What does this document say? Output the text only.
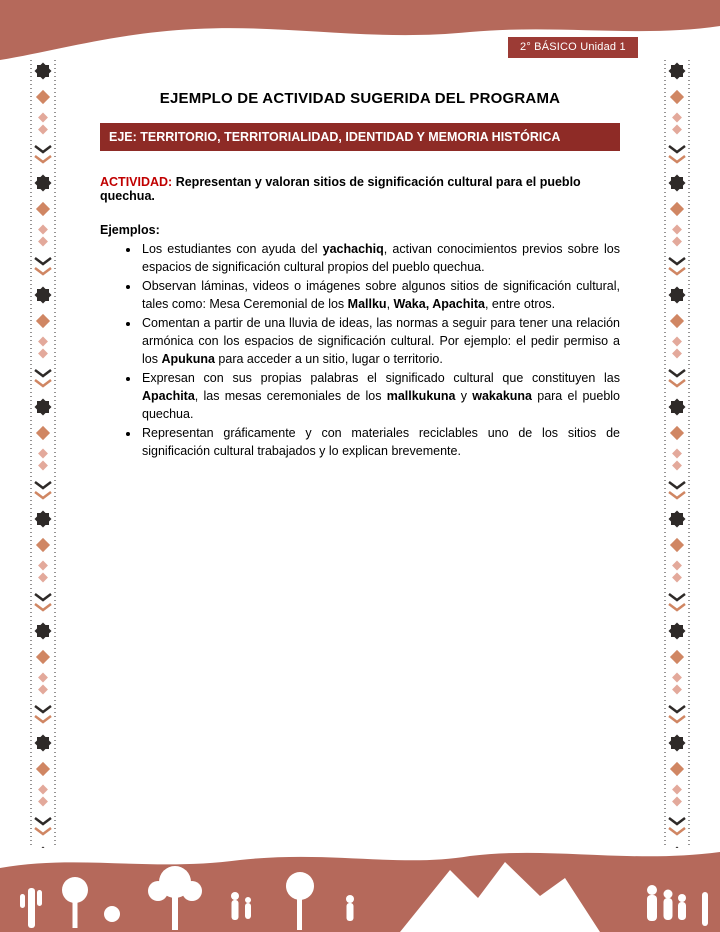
2° BÁSICO Unidad 1
EJEMPLO DE ACTIVIDAD SUGERIDA DEL PROGRAMA
EJE: TERRITORIO, TERRITORIALIDAD, IDENTIDAD Y MEMORIA HISTÓRICA

ACTIVIDAD: Representan y valoran sitios de significación cultural para el pueblo quechua.

Ejemplos:

• Los estudiantes con ayuda del yachachiq, activan conocimientos previos sobre los espacios de significación cultural propios del pueblo quechua.
• Observan láminas, videos o imágenes sobre algunos sitios de significación cultural, tales como: Mesa Ceremonial de los Mallku, Waka, Apachita, entre otros.
• Comentan a partir de una lluvia de ideas, las normas a seguir para tener una relación armónica con los espacios de significación cultural. Por ejemplo: el pedir permiso a los Apukuna para acceder a un sitio, lugar o territorio.
• Expresan con sus propias palabras el significado cultural que constituyen las Apachita, las mesas ceremoniales de los mallkukuna y wakakuna para el pueblo quechua.
• Representan gráficamente y con materiales reciclables uno de los sitios de significación cultural trabajados y lo explican brevemente.
